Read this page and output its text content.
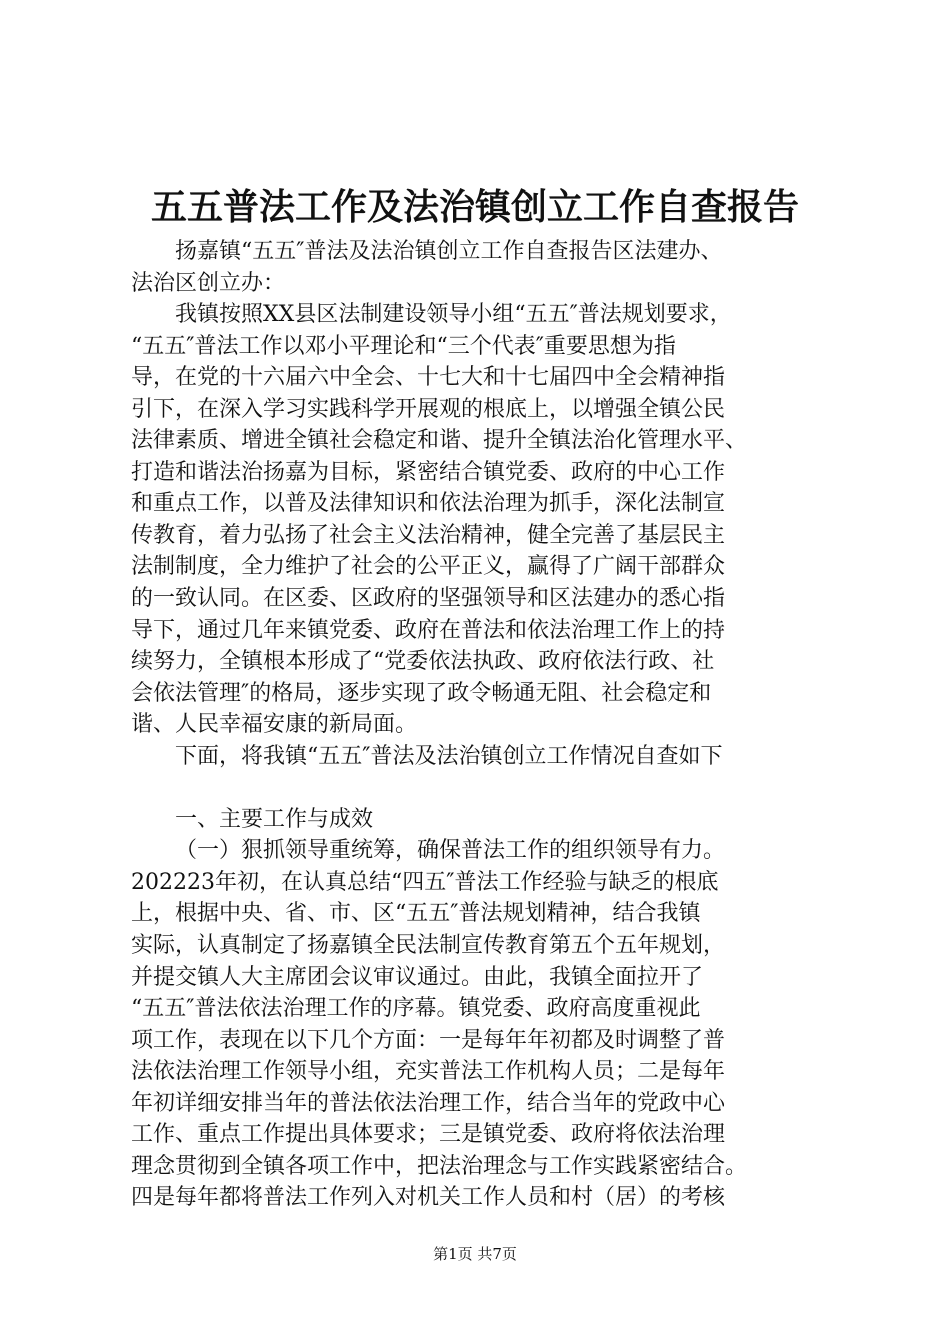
五五普法工作及法治镇创立工作自查报告
扬嘉镇“五五″普法及法治镇创立工作自查报告区法建办、
法治区创立办：
我镇按照XX县区法制建设领导小组“五五″普法规划要求，
“五五″普法工作以邓小平理论和“三个代表″重要思想为指
导，在党的十六届六中全会、十七大和十七届四中全会精神指
引下，在深入学习实践科学开展观的根底上，以增强全镇公民
法律素质、增进全镇社会稳定和谐、提升全镇法治化管理水平、
打造和谐法治扬嘉为目标，紧密结合镇党委、政府的中心工作
和重点工作，以普及法律知识和依法治理为抓手，深化法制宣
传教育，着力弘扬了社会主义法治精神，健全完善了基层民主
法制制度，全力维护了社会的公平正义，赢得了广阔干部群众
的一致认同。在区委、区政府的坚强领导和区法建办的悉心指
导下，通过几年来镇党委、政府在普法和依法治理工作上的持
续努力，全镇根本形成了“党委依法执政、政府依法行政、社
会依法管理″的格局，逐步实现了政令畅通无阻、社会稳定和
谐、人民幸福安康的新局面。
下面，将我镇“五五″普法及法治镇创立工作情况自查如下
一、主要工作与成效
（一）狠抓领导重统筹，确保普法工作的组织领导有力。
202223年初，在认真总结“四五″普法工作经验与缺乏的根底
上，根据中央、省、市、区“五五″普法规划精神，结合我镇
实际，认真制定了扬嘉镇全民法制宣传教育第五个五年规划，
并提交镇人大主席团会议审议通过。由此，我镇全面拉开了
“五五″普法依法治理工作的序幕。镇党委、政府高度重视此
项工作，表现在以下几个方面：一是每年年初都及时调整了普
法依法治理工作领导小组，充实普法工作机构人员；二是每年
年初详细安排当年的普法依法治理工作，结合当年的党政中心
工作、重点工作提出具体要求；三是镇党委、政府将依法治理
理念贯彻到全镇各项工作中，把法治理念与工作实践紧密结合。
四是每年都将普法工作列入对机关工作人员和村（居）的考核
第1页 共7页
